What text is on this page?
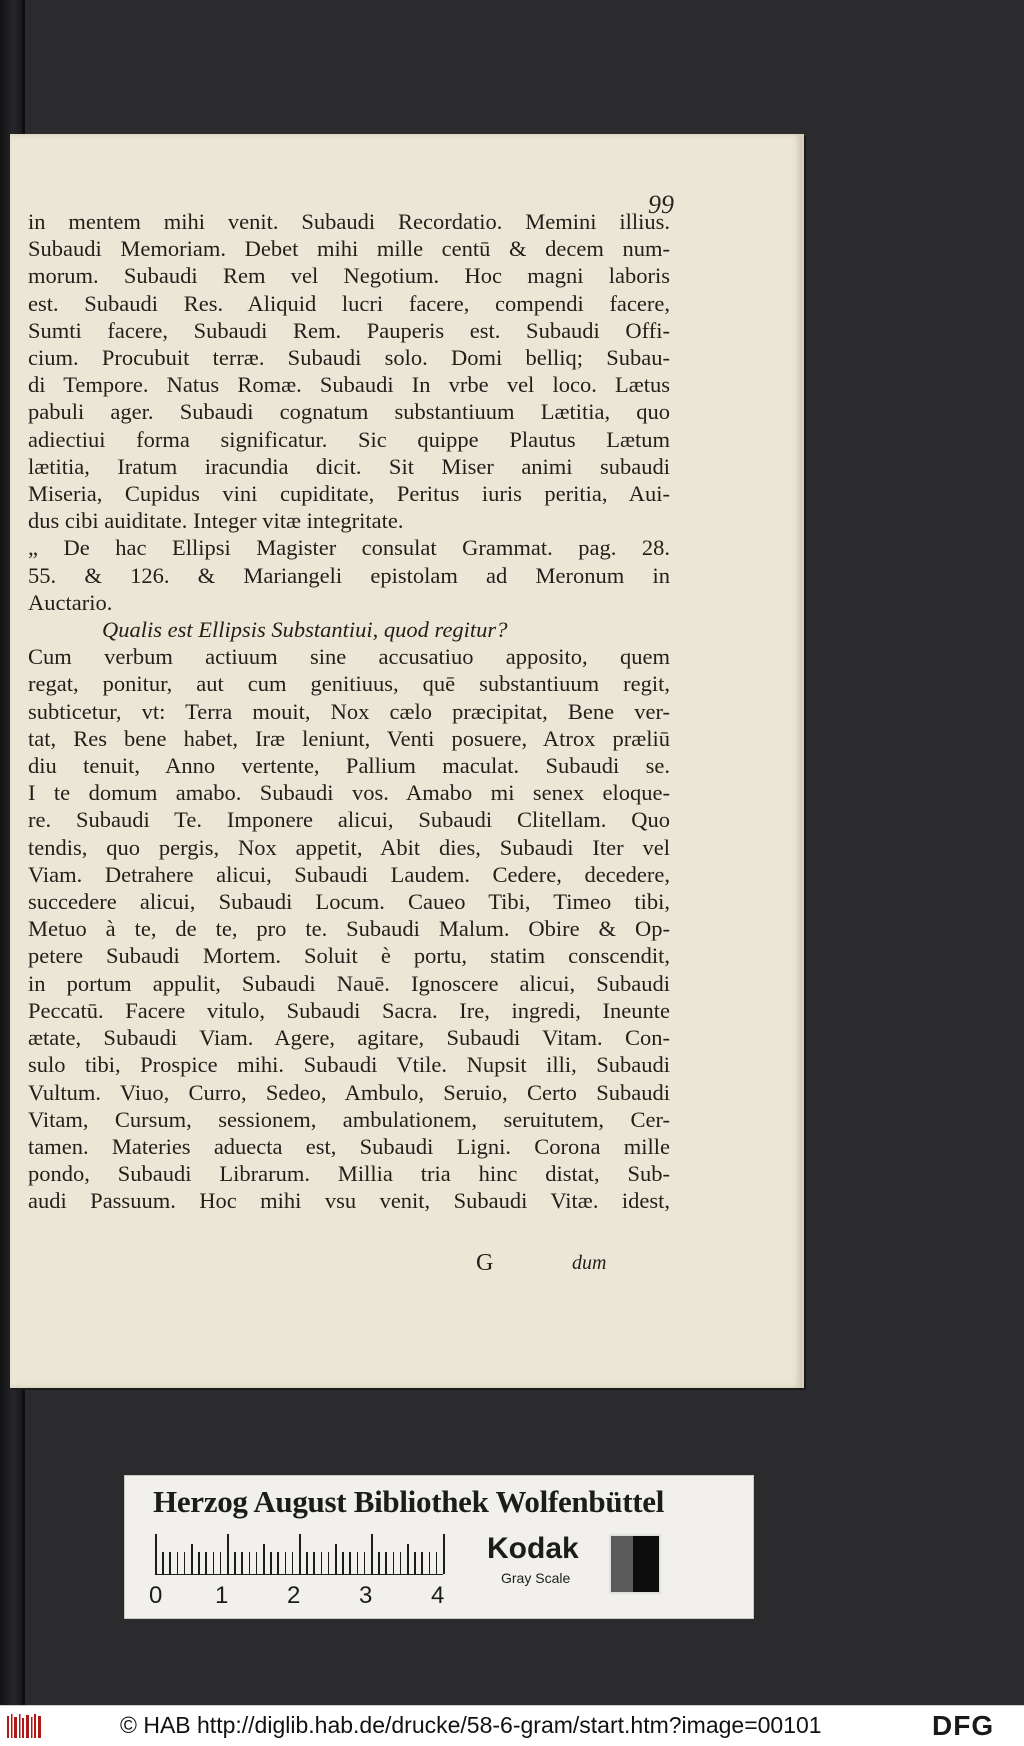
99
in mentem mihi venit. Subaudi Recordatio. Memini illius.
Subaudi Memoriam. Debet mihi mille centū & decem num-
morum. Subaudi Rem vel Negotium. Hoc magni laboris
est. Subaudi Res. Aliquid lucri facere, compendi facere,
Sumti facere, Subaudi Rem. Pauperis est. Subaudi Offi-
cium. Procubuit terræ. Subaudi solo. Domi belliq; Subau-
di Tempore. Natus Romæ. Subaudi In vrbe vel loco. Lætus
pabuli ager. Subaudi cognatum substantiuum Lætitia, quo
adiectiui forma significatur. Sic quippe Plautus Lætum
lætitia, Iratum iracundia dicit. Sit Miser animi subaudi
Miseria, Cupidus vini cupiditate, Peritus iuris peritia, Aui-
dus cibi auiditate. Integer vitæ integritate.
„ De hac Ellipsi Magister consulat Grammat. pag. 28.
55. & 126. & Mariangeli epistolam ad Meronum in
Auctario.
Qualis est Ellipsis Substantiui, quod regitur?
Cum verbum actiuum sine accusatiuo apposito, quem
regat, ponitur, aut cum genitiuus, quē substantiuum regit,
subticetur, vt: Terra mouit, Nox cælo præcipitat, Bene ver-
tat, Res bene habet, Iræ leniunt, Venti posuere, Atrox præliū
diu tenuit, Anno vertente, Pallium maculat. Subaudi se.
I te domum amabo. Subaudi vos. Amabo mi senex eloque-
re. Subaudi Te. Imponere alicui, Subaudi Clitellam. Quo
tendis, quo pergis, Nox appetit, Abit dies, Subaudi Iter vel
Viam. Detrahere alicui, Subaudi Laudem. Cedere, decedere,
succedere alicui, Subaudi Locum. Caueo Tibi, Timeo tibi,
Metuo à te, de te, pro te. Subaudi Malum. Obire & Op-
petere Subaudi Mortem. Soluit è portu, statim conscendit,
in portum appulit, Subaudi Nauē. Ignoscere alicui, Subaudi
Peccatū. Facere vitulo, Subaudi Sacra. Ire, ingredi, Ineunte
ætate, Subaudi Viam. Agere, agitare, Subaudi Vitam. Con-
sulo tibi, Prospice mihi. Subaudi Vtile. Nupsit illi, Subaudi
Vultum. Viuo, Curro, Sedeo, Ambulo, Seruio, Certo Subaudi
Vitam, Cursum, sessionem, ambulationem, seruitutem, Cer-
tamen. Materies aduecta est, Subaudi Ligni. Corona mille
pondo, Subaudi Librarum. Millia tria hinc distat, Sub-
audi Passuum. Hoc mihi vsu venit, Subaudi Vitæ. idest,
G	dum
Herzog August Bibliothek Wolfenbüttel
0 1 2 3 4
Kodak
Gray Scale
© HAB http://diglib.hab.de/drucke/58-6-gram/start.htm?image=00101	DFG
